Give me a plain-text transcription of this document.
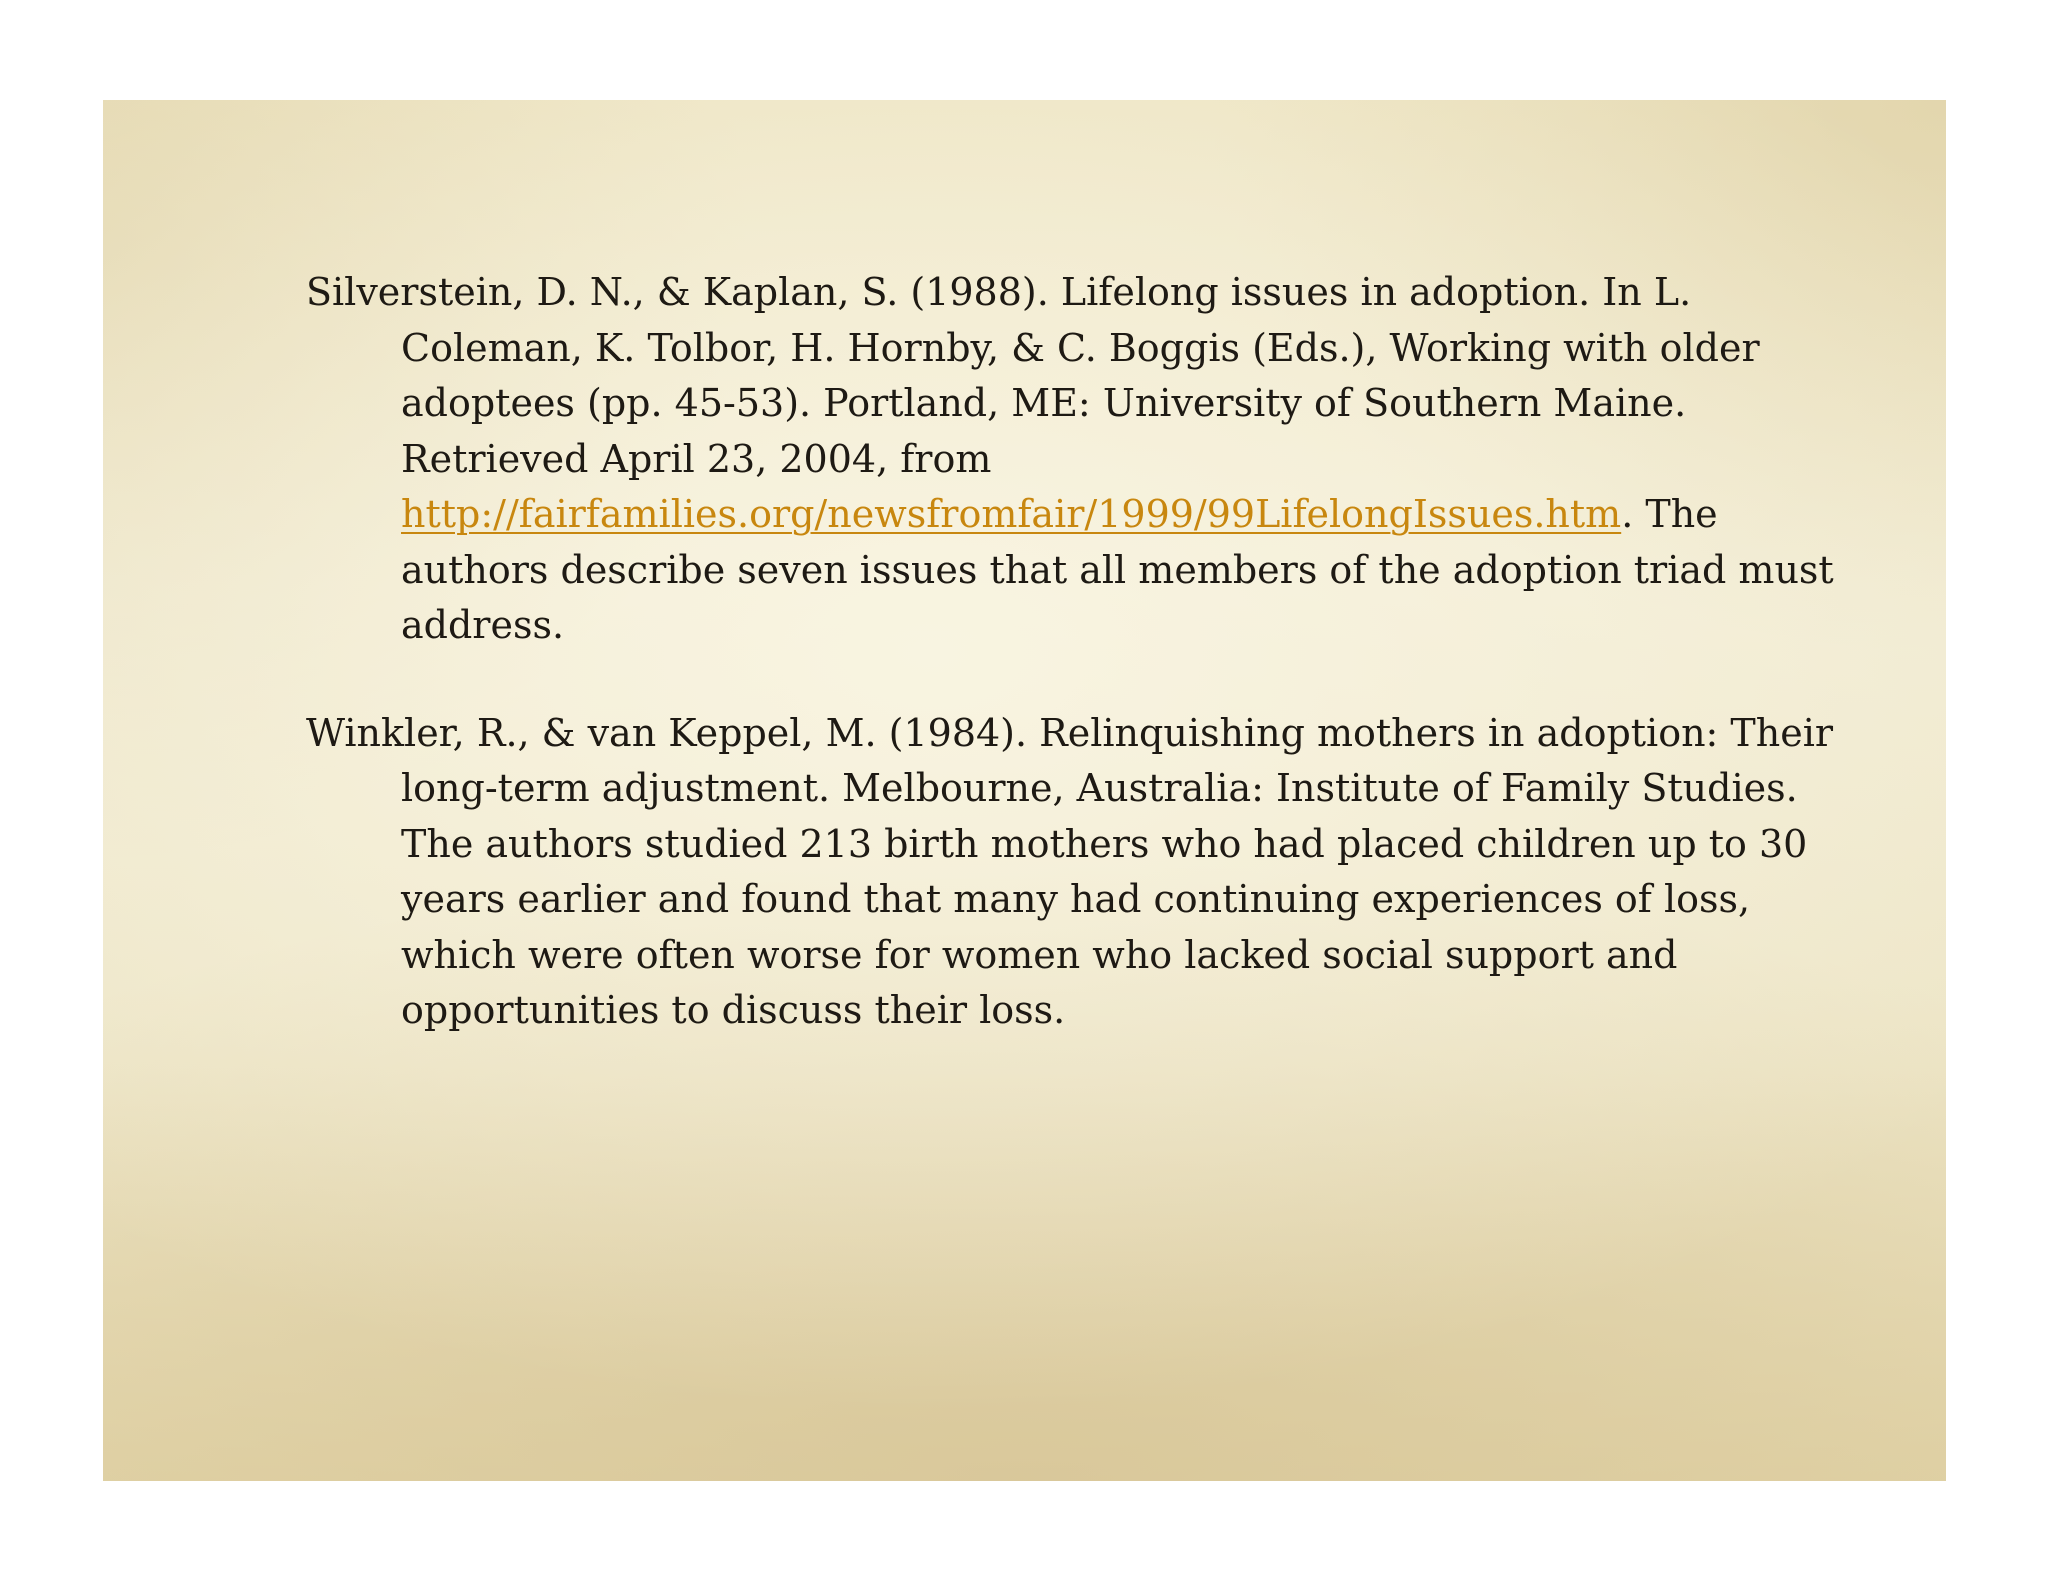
Silverstein, D. N., & Kaplan, S. (1988). Lifelong issues in adoption. In L. Coleman, K. Tolbor, H. Hornby, & C. Boggis (Eds.), Working with older adoptees (pp. 45-53). Portland, ME: University of Southern Maine. Retrieved April 23, 2004, from http://fairfamilies.org/newsfromfair/1999/99LifelongIssues.htm. The authors describe seven issues that all members of the adoption triad must address.

Winkler, R., & van Keppel, M. (1984). Relinquishing mothers in adoption: Their long-term adjustment. Melbourne, Australia: Institute of Family Studies. The authors studied 213 birth mothers who had placed children up to 30 years earlier and found that many had continuing experiences of loss, which were often worse for women who lacked social support and opportunities to discuss their loss.
